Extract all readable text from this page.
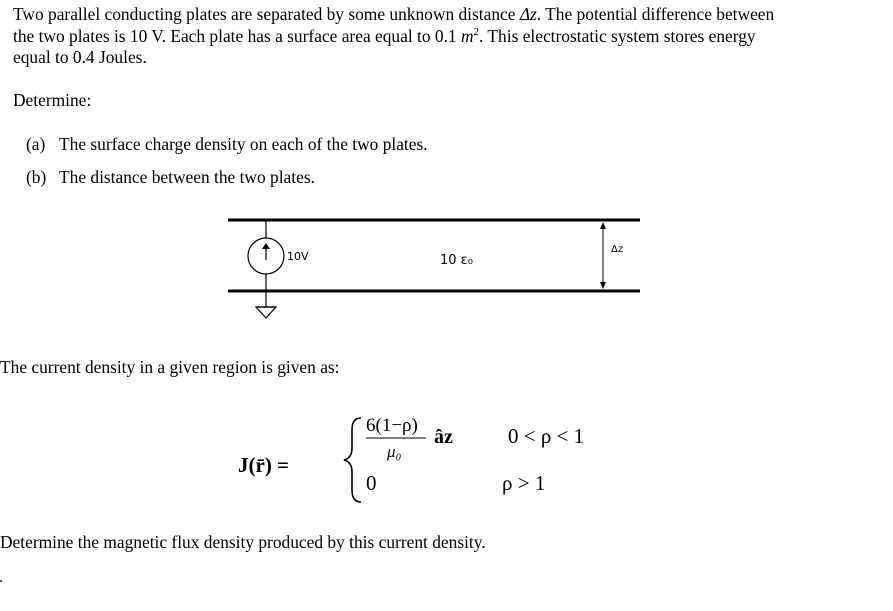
Two parallel conducting plates are separated by some unknown distance Δz. The potential difference between
the two plates is 10 V. Each plate has a surface area equal to 0.1 $m^2$. This electrostatic system stores energy
equal to 0.4 Joules.
Determine:
(a) The surface charge density on each of the two plates.
(b) The distance between the two plates.
10V	10 ε₀
Δz
The current density in a given region is given as:
J(r̄) =
6(1−ρ)
μ₀
âz	0 < ρ < 1
0	ρ > 1
Determine the magnetic flux density produced by this current density.
